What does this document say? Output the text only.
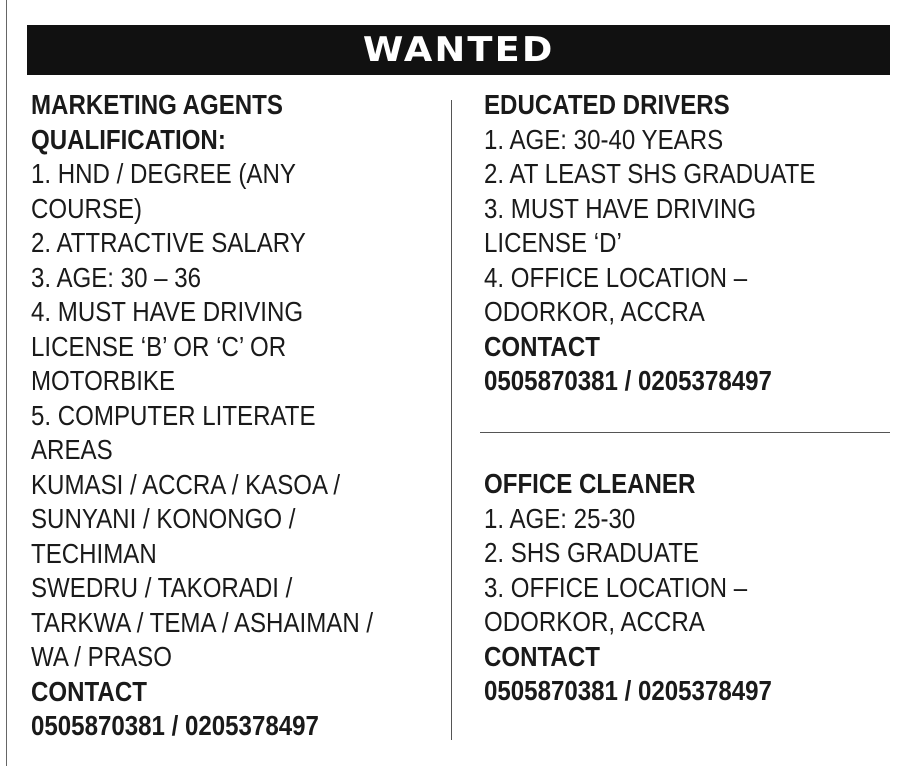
WANTED
MARKETING AGENTS
QUALIFICATION:
1. HND / DEGREE (ANY
COURSE)
2. ATTRACTIVE SALARY
3. AGE: 30 – 36
4. MUST HAVE DRIVING
LICENSE ‘B’ OR ‘C’ OR
MOTORBIKE
5. COMPUTER LITERATE
AREAS
KUMASI / ACCRA / KASOA /
SUNYANI / KONONGO /
TECHIMAN
SWEDRU / TAKORADI /
TARKWA / TEMA / ASHAIMAN /
WA / PRASO
CONTACT
0505870381 / 0205378497
EDUCATED DRIVERS
1. AGE: 30-40 YEARS
2. AT LEAST SHS GRADUATE
3. MUST HAVE DRIVING
LICENSE ‘D’
4. OFFICE LOCATION –
ODORKOR, ACCRA
CONTACT
0505870381 / 0205378497
OFFICE CLEANER
1. AGE: 25-30
2. SHS GRADUATE
3. OFFICE LOCATION –
ODORKOR, ACCRA
CONTACT
0505870381 / 0205378497
